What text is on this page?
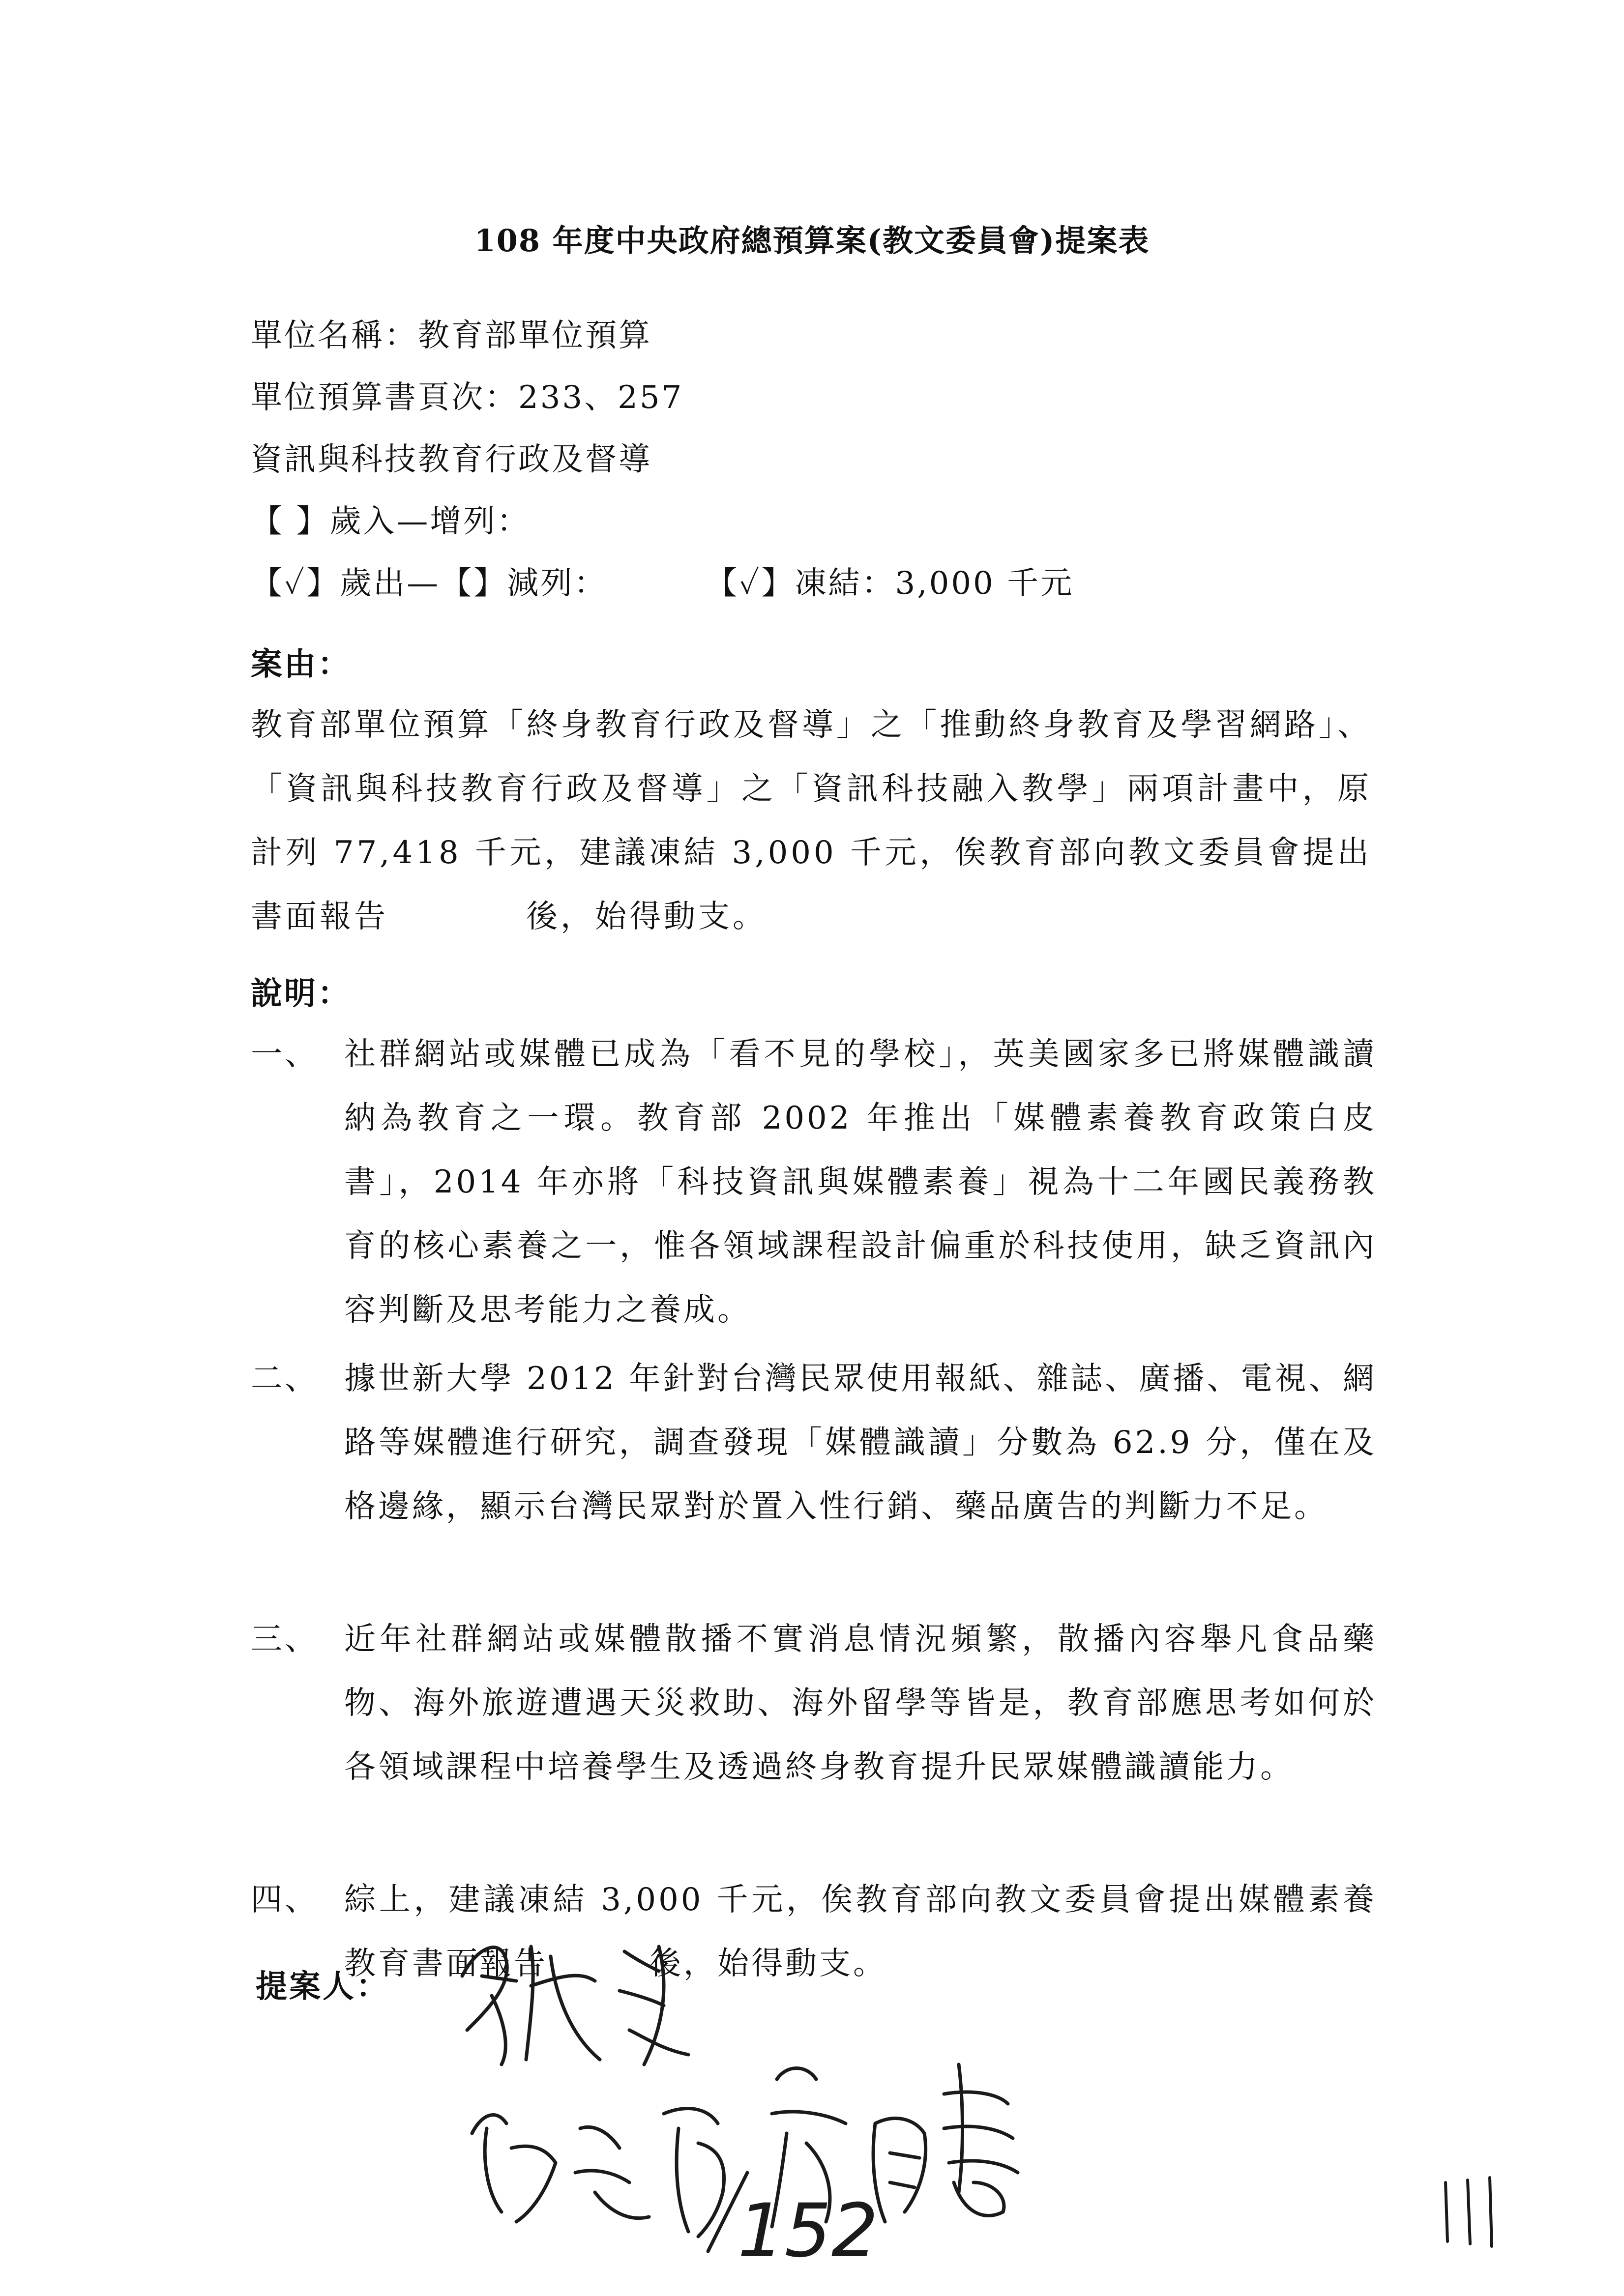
108 年度中央政府總預算案(教文委員會)提案表
單位名稱：教育部單位預算
單位預算書頁次：233、257
資訊與科技教育行政及督導
【 】歲入—增列：
【✓】歲出—【】減列：	【✓】凍結：3,000 千元
案由：
教育部單位預算「終身教育行政及督導」之「推動終身教育及學習網路」、「資訊與科技教育行政及督導」之「資訊科技融入教學」兩項計畫中，原計列 77,418 千元，建議凍結 3,000 千元，俟教育部向教文委員會提出書面報告　　　　後，始得動支。
說明：
一、 社群網站或媒體已成為「看不見的學校」，英美國家多已將媒體識讀納為教育之一環。教育部 2002 年推出「媒體素養教育政策白皮書」，2014 年亦將「科技資訊與媒體素養」視為十二年國民義務教育的核心素養之一，惟各領域課程設計偏重於科技使用，缺乏資訊內容判斷及思考能力之養成。
二、 據世新大學 2012 年針對台灣民眾使用報紙、雜誌、廣播、電視、網路等媒體進行研究，調查發現「媒體識讀」分數為 62.9 分，僅在及格邊緣，顯示台灣民眾對於置入性行銷、藥品廣告的判斷力不足。
三、 近年社群網站或媒體散播不實消息情況頻繁，散播內容舉凡食品藥物、海外旅遊遭遇天災救助、海外留學等皆是，教育部應思考如何於各領域課程中培養學生及透過終身教育提升民眾媒體識讀能力。
四、 綜上，建議凍結 3,000 千元，俟教育部向教文委員會提出媒體素養教育書面報告　　　後，始得動支。
提案人：
152
111
